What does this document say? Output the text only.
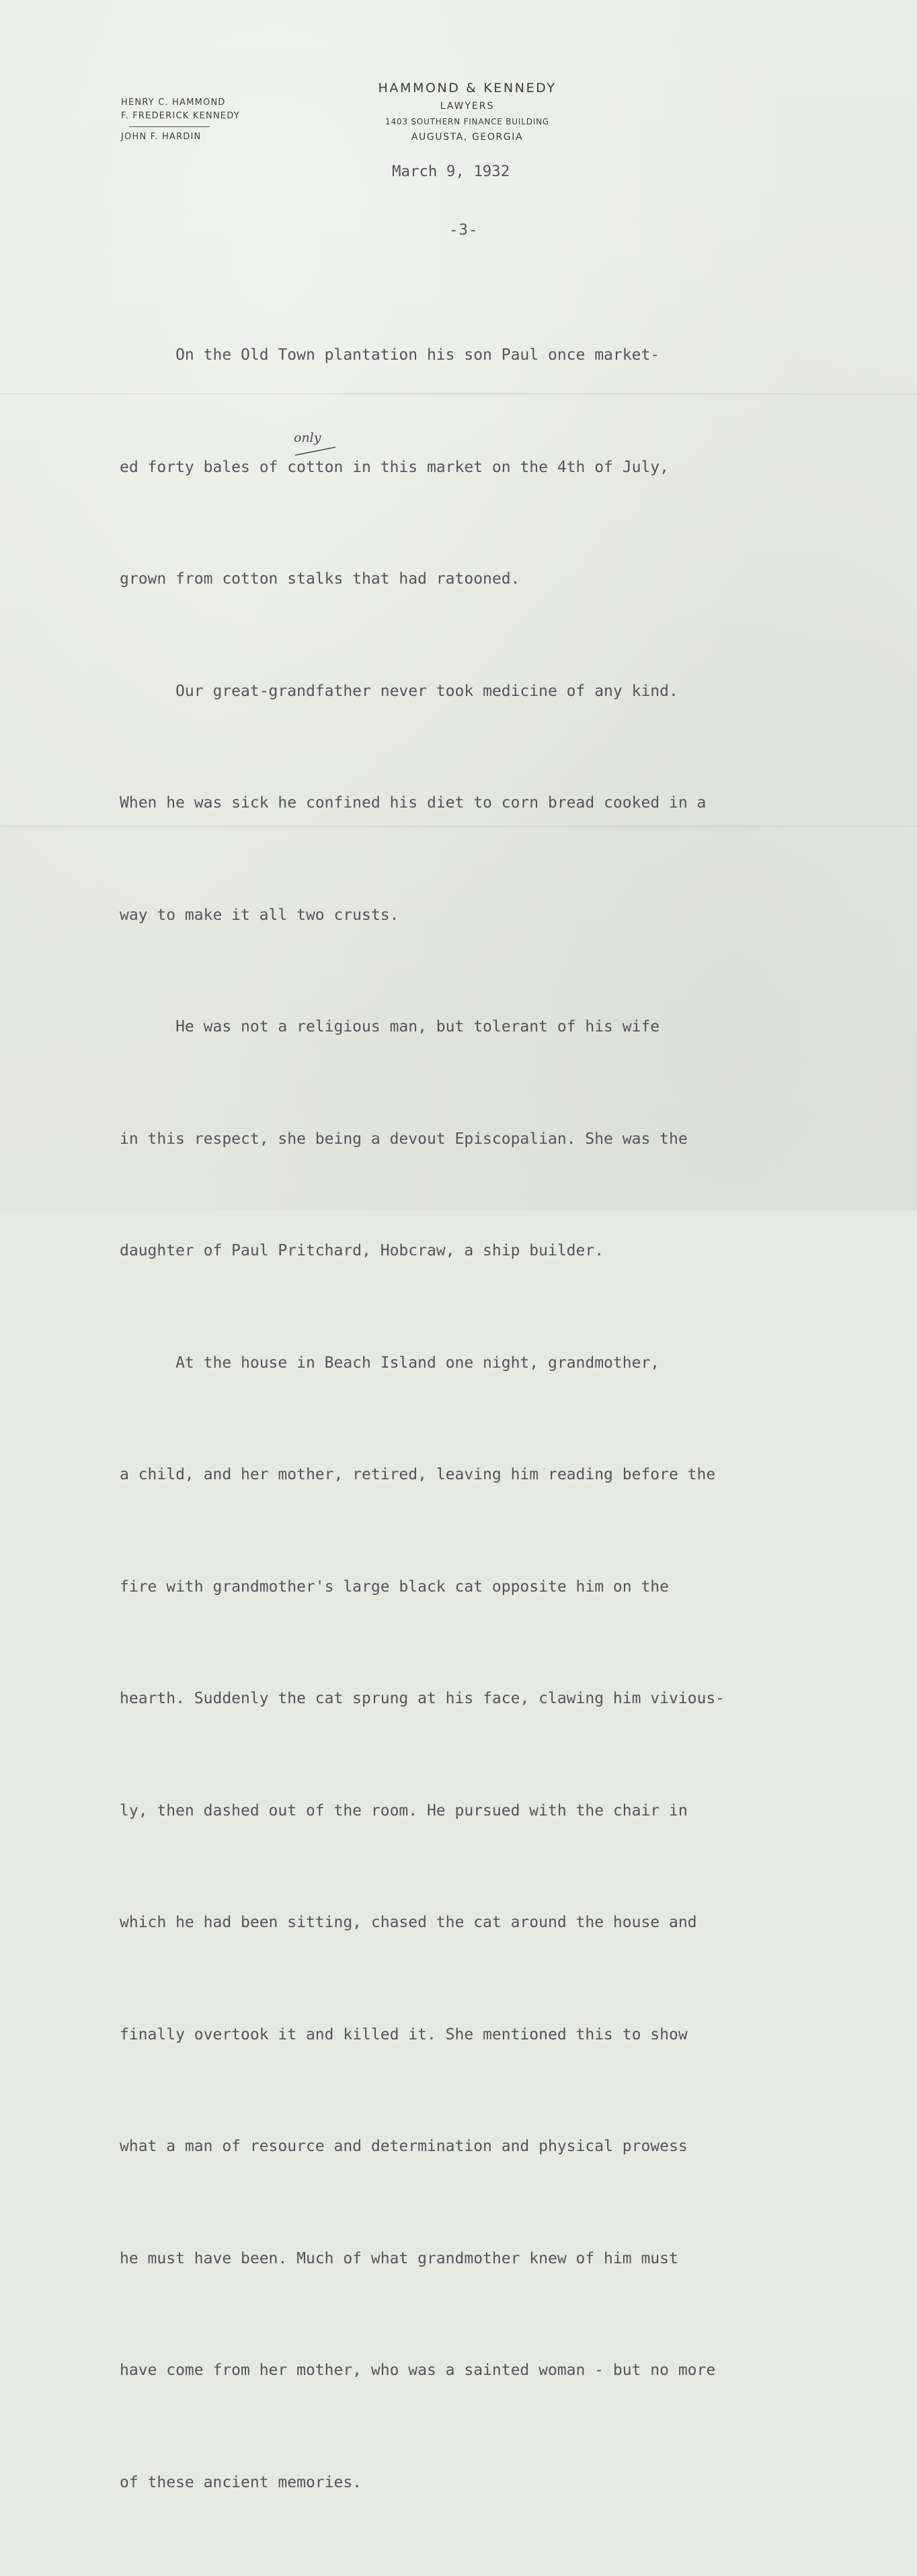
HENRY C. HAMMOND
F. FREDERICK KENNEDY
JOHN F. HARDIN
HAMMOND & KENNEDY
LAWYERS
1403 SOUTHERN FINANCE BUILDING
AUGUSTA, GEORGIA
March 9, 1932
-3-

On the Old Town plantation his son Paul once market-

ed forty bales of cotton in this market on the 4th of July,

grown from cotton stalks that had ratooned.

Our great-grandfather never took medicine of any kind.

When he was sick he confined his diet to corn bread cooked in a

way to make it all two crusts.

He was not a religious man, but tolerant of his wife

in this respect, she being a devout Episcopalian. She was the

daughter of Paul Pritchard, Hobcraw, a ship builder.

At the house in Beach Island one night, grandmother,

a child, and her mother, retired, leaving him reading before the

fire with grandmother's large black cat opposite him on the

hearth. Suddenly the cat sprung at his face, clawing him vivious-

ly, then dashed out of the room. He pursued with the chair in

which he had been sitting, chased the cat around the house and

finally overtook it and killed it. She mentioned this to show

what a man of resource and determination and physical prowess

he must have been. Much of what grandmother knew of him must

have come from her mother, who was a sainted woman - but no more

of these ancient memories.

only
